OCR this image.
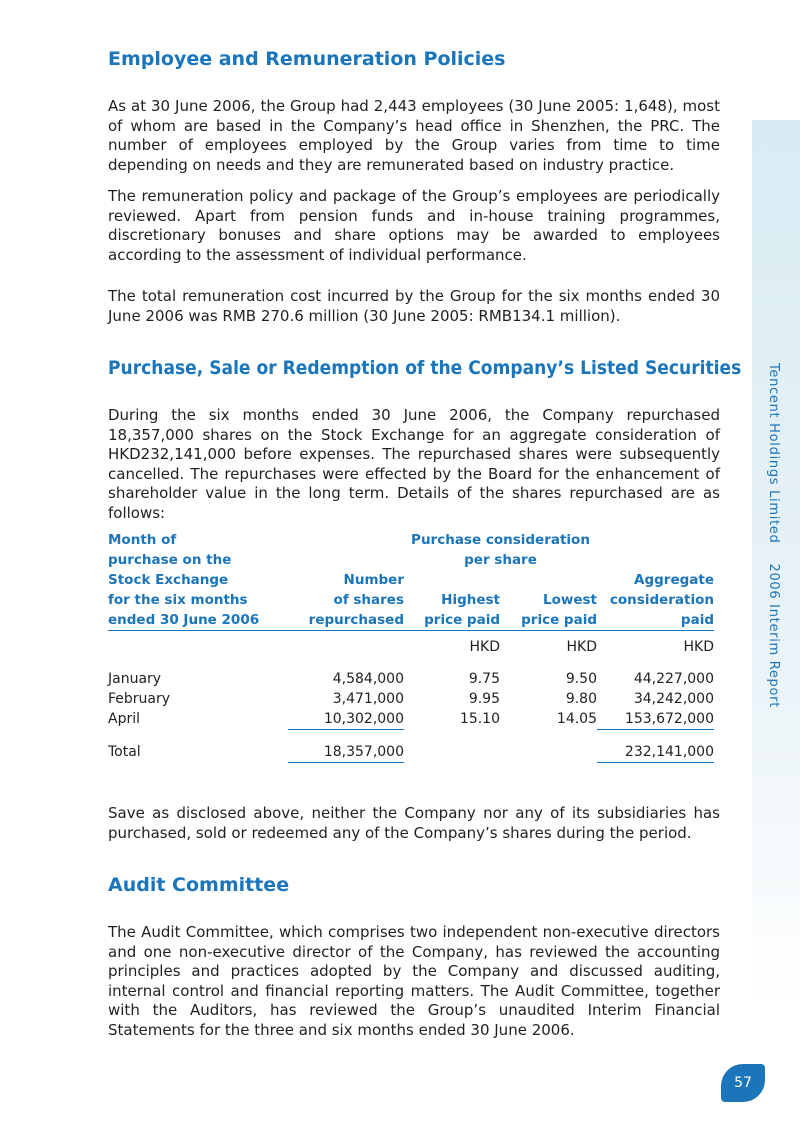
Tencent Holdings Limited2006 Interim Report
Employee and Remuneration Policies

As at 30 June 2006, the Group had 2,443 employees (30 June 2005: 1,648), most of whom are based in the Company’s head office in Shenzhen, the PRC. The number of employees employed by the Group varies from time to time depending on needs and they are remunerated based on industry practice.

The remuneration policy and package of the Group’s employees are periodically reviewed. Apart from pension funds and in-house training programmes, discretionary bonuses and share options may be awarded to employees according to the assessment of individual performance.

The total remuneration cost incurred by the Group for the six months ended 30 June 2006 was RMB 270.6 million (30 June 2005: RMB134.1 million).

Purchase, Sale or Redemption of the Company’s Listed Securities

During the six months ended 30 June 2006, the Company repurchased 18,357,000 shares on the Stock Exchange for an aggregate consideration of HKD232,141,000 before expenses. The repurchased shares were subsequently cancelled. The repurchases were effected by the Board for the enhancement of shareholder value in the long term. Details of the shares repurchased are as follows:

Month of		Purchase consideration		
purchase on the		per share		
Stock Exchange	Number			Aggregate
for the six months	of shares	Highest	Lowest	consideration
ended 30 June 2006	repurchased	price paid	price paid	paid

		HKD	HKD	HKD

January	4,584,000	9.75	9.50	44,227,000
February	3,471,000	9.95	9.80	34,242,000
April	10,302,000	15.10	14.05	153,672,000

Total	18,357,000			232,141,000

Save as disclosed above, neither the Company nor any of its subsidiaries has purchased, sold or redeemed any of the Company’s shares during the period.

Audit Committee

The Audit Committee, which comprises two independent non-executive directors and one non-executive director of the Company, has reviewed the accounting principles and practices adopted by the Company and discussed auditing, internal control and financial reporting matters. The Audit Committee, together with the Auditors, has reviewed the Group’s unaudited Interim Financial Statements for the three and six months ended 30 June 2006.

57
